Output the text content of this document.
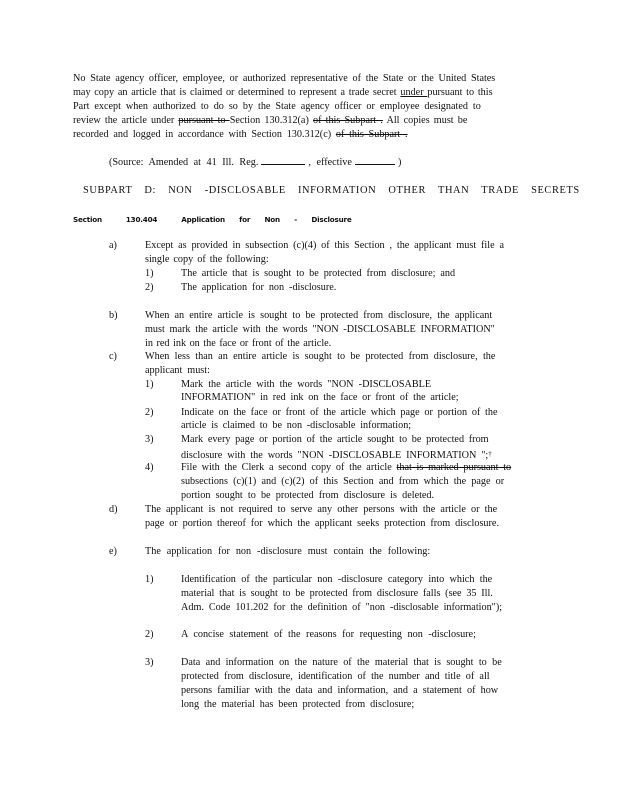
No State agency officer, employee, or authorized representative of the State or the United States
may copy an article that is claimed or determined to represent a trade secret under pursuant to this
Part except when authorized to do so by the State agency officer or employee designated to
review the article under pursuant to Section 130.312(a) of this Subpart . All copies must be
recorded and logged in accordance with Section 130.312(c) of this Subpart .
(Source: Amended at 41 Ill. Reg.	, effective	)
SUBPART D: NON -DISCLOSABLE INFORMATION OTHER THAN TRADE SECRETS
Section	130.404	Application for Non - Disclosure
a)	Except as provided in subsection (c)(4) of this Section , the applicant must file a
single copy of the following:
1)	The article that is sought to be protected from disclosure; and
2)	The application for non -disclosure.
b)	When an entire article is sought to be protected from disclosure, the applicant
must mark the article with the words "NON -DISCLOSABLE INFORMATION"
in red ink on the face or front of the article.
c)	When less than an entire article is sought to be protected from disclosure, the
applicant must:
1)	Mark the article with the words "NON -DISCLOSABLE
INFORMATION" in red ink on the face or front of the article;
2)	Indicate on the face or front of the article which page or portion of the
article is claimed to be non -disclosable information;
3)	Mark every page or portion of the article sought to be protected from
disclosure with the words "NON -DISCLOSABLE INFORMATION ";†
4)	File with the Clerk a second copy of the article that is marked pursuant to
subsections (c)(1) and (c)(2) of this Section and from which the page or
portion sought to be protected from disclosure is deleted.
d)	The applicant is not required to serve any other persons with the article or the
page or portion thereof for which the applicant seeks protection from disclosure.
e)	The application for non -disclosure must contain the following:
1)	Identification of the particular non -disclosure category into which the
material that is sought to be protected from disclosure falls (see 35 Ill.
Adm. Code 101.202 for the definition of "non -disclosable information");
2)	A concise statement of the reasons for requesting non -disclosure;
3)	Data and information on the nature of the material that is sought to be
protected from disclosure, identification of the number and title of all
persons familiar with the data and information, and a statement of how
long the material has been protected from disclosure;
